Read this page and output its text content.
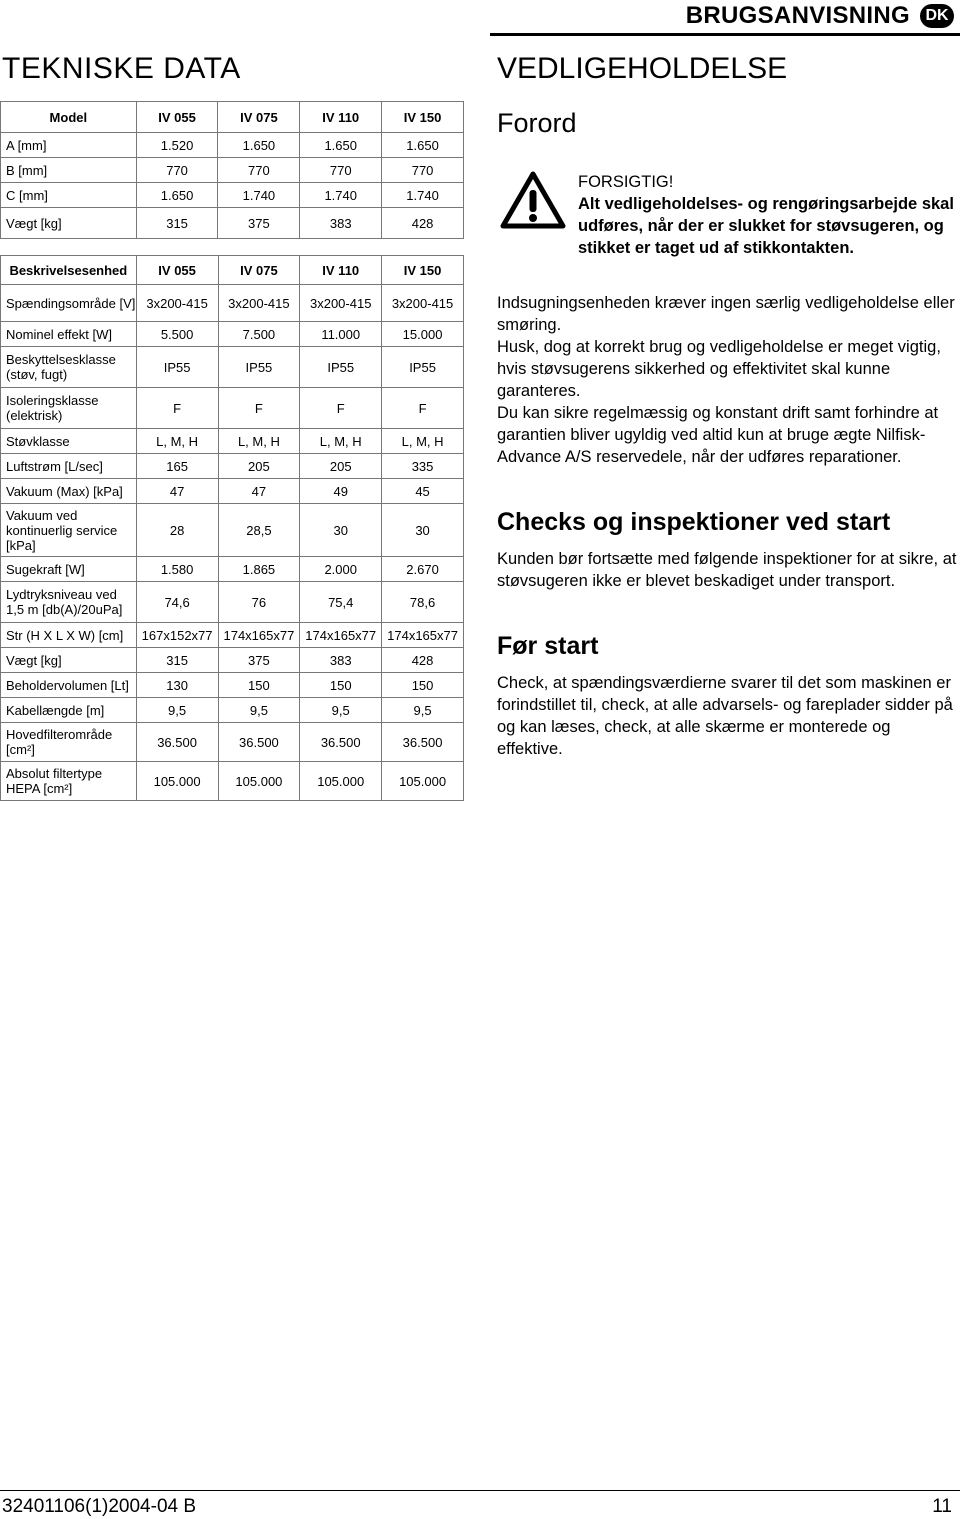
BRUGSANVISNING DK
TEKNISKE DATA
Model	IV 055	IV 075	IV 110	IV 150
A [mm]	1.520	1.650	1.650	1.650
B [mm]	770	770	770	770
C [mm]	1.650	1.740	1.740	1.740
Vægt [kg]	315	375	383	428
Beskrivelsesenhed	IV 055	IV 075	IV 110	IV 150
Spændingsområde [V]	3x200-415	3x200-415	3x200-415	3x200-415
Nominel effekt [W]	5.500	7.500	11.000	15.000
Beskyttelsesklasse (støv, fugt)	IP55	IP55	IP55	IP55
Isoleringsklasse (elektrisk)	F	F	F	F
Støvklasse	L, M, H	L, M, H	L, M, H	L, M, H
Luftstrøm [L/sec]	165	205	205	335
Vakuum (Max) [kPa]	47	47	49	45
Vakuum ved kontinuerlig service [kPa]	28	28,5	30	30
Sugekraft [W]	1.580	1.865	2.000	2.670
Lydtryksniveau ved 1,5 m [db(A)/20uPa]	74,6	76	75,4	78,6
Str (H X L X W) [cm]	167x152x77	174x165x77	174x165x77	174x165x77
Vægt [kg]	315	375	383	428
Beholdervolumen [Lt]	130	150	150	150
Kabellængde [m]	9,5	9,5	9,5	9,5
Hovedfilterområde [cm²]	36.500	36.500	36.500	36.500
Absolut filtertype HEPA [cm²]	105.000	105.000	105.000	105.000
VEDLIGEHOLDELSE
Forord
FORSIGTIG!
Alt vedligeholdelses- og rengøringsarbejde skal udføres, når der er slukket for støvsugeren, og stikket er taget ud af stikkontakten.
Indsugningsenheden kræver ingen særlig vedligeholdelse eller smøring.
Husk, dog at korrekt brug og vedligeholdelse er meget vigtig, hvis støvsugerens sikkerhed og effektivitet skal kunne garanteres.
Du kan sikre regelmæssig og konstant drift samt forhindre at garantien bliver ugyldig ved altid kun at bruge ægte Nilfisk-Advance A/S reservedele, når der udføres reparationer.
Checks og inspektioner ved start
Kunden bør fortsætte med følgende inspektioner for at sikre, at støvsugeren ikke er blevet beskadiget under transport.
Før start
Check, at spændingsværdierne svarer til det som maskinen er forindstillet til, check, at alle advarsels- og fareplader sidder på og kan læses, check, at alle skærme er monterede og effektive.
32401106(1)2004-04 B	11
